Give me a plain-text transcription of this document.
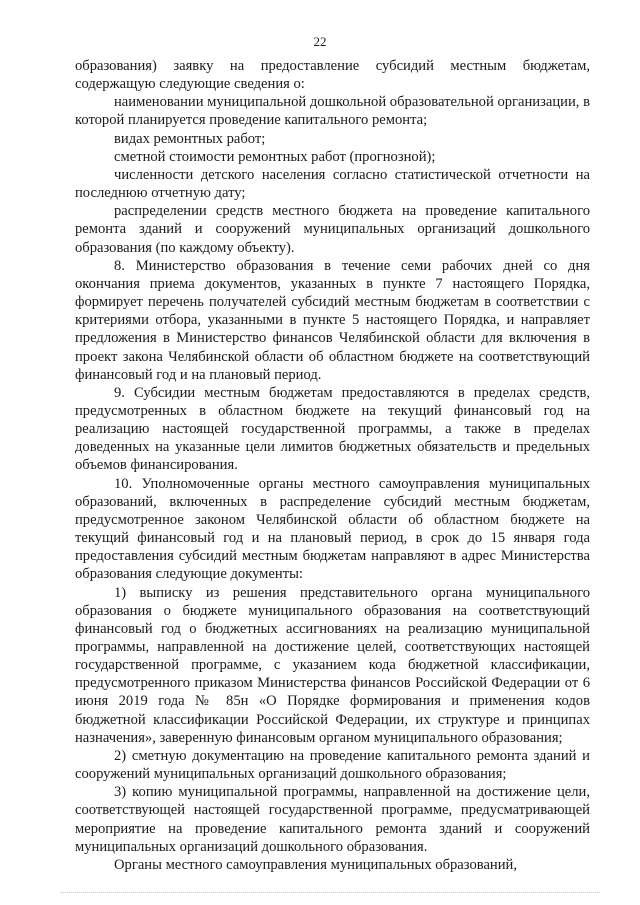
22

образования) заявку на предоставление субсидий местным бюджетам, содержащую следующие сведения о:

наименовании муниципальной дошкольной образовательной организации, в которой планируется проведение капитального ремонта;

видах ремонтных работ;

сметной стоимости ремонтных работ (прогнозной);

численности детского населения согласно статистической отчетности на последнюю отчетную дату;

распределении средств местного бюджета на проведение капитального ремонта зданий и сооружений муниципальных организаций дошкольного образования (по каждому объекту).

8. Министерство образования в течение семи рабочих дней со дня окончания приема документов, указанных в пункте 7 настоящего Порядка, формирует перечень получателей субсидий местным бюджетам в соответствии с критериями отбора, указанными в пункте 5 настоящего Порядка, и направляет предложения в Министерство финансов Челябинской области для включения в проект закона Челябинской области об областном бюджете на соответствующий финансовый год и на плановый период.

9. Субсидии местным бюджетам предоставляются в пределах средств, предусмотренных в областном бюджете на текущий финансовый год на реализацию настоящей государственной программы, а также в пределах доведенных на указанные цели лимитов бюджетных обязательств и предельных объемов финансирования.

10. Уполномоченные органы местного самоуправления муниципальных образований, включенных в распределение субсидий местным бюджетам, предусмотренное законом Челябинской области об областном бюджете на текущий финансовый год и на плановый период, в срок до 15 января года предоставления субсидий местным бюджетам направляют в адрес Министерства образования следующие документы:

1) выписку из решения представительного органа муниципального образования о бюджете муниципального образования на соответствующий финансовый год о бюджетных ассигнованиях на реализацию муниципальной программы, направленной на достижение целей, соответствующих настоящей государственной программе, с указанием кода бюджетной классификации, предусмотренного приказом Министерства финансов Российской Федерации от 6 июня 2019 года № 85н «О Порядке формирования и применения кодов бюджетной классификации Российской Федерации, их структуре и принципах назначения», заверенную финансовым органом муниципального образования;

2) сметную документацию на проведение капитального ремонта зданий и сооружений муниципальных организаций дошкольного образования;

3) копию муниципальной программы, направленной на достижение цели, соответствующей настоящей государственной программе, предусматривающей мероприятие на проведение капитального ремонта зданий и сооружений муниципальных организаций дошкольного образования.

Органы местного самоуправления муниципальных образований,
